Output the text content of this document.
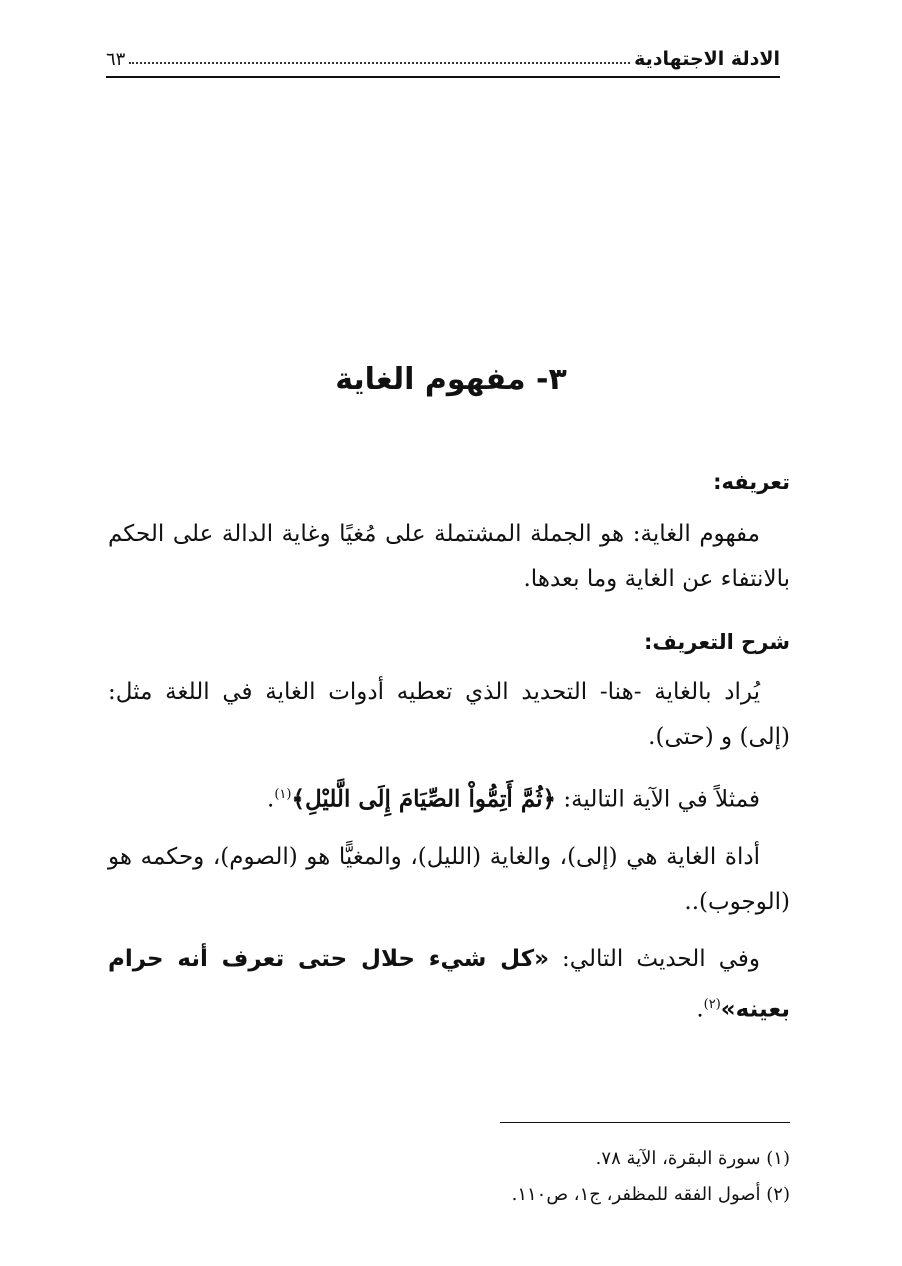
الادلة الاجتهادية
٦٣
٣- مفهوم الغاية
تعريفه:

مفهوم الغاية: هو الجملة المشتملة على مُغيًا وغاية الدالة على الحكم بالانتفاء عن الغاية وما بعدها.

شرح التعريف:

يُراد بالغاية -هنا- التحديد الذي تعطيه أدوات الغاية في اللغة مثل: (إلى) و (حتى).

فمثلاً في الآية التالية: ﴿ثُمَّ أَتِمُّواْ الصِّيَامَ إِلَى الَّليْلِ﴾$^{(١)}$.

أداة الغاية هي (إلى)، والغاية (الليل)، والمغيًّا هو (الصوم)، وحكمه هو (الوجوب)..

وفي الحديث التالي: «كل شيء حلال حتى تعرف أنه حرام بعينه»$^{(٢)}$.

(١) سورة البقرة، الآية ٧٨.

(٢) أصول الفقه للمظفر، ج١، ص١١٠.
